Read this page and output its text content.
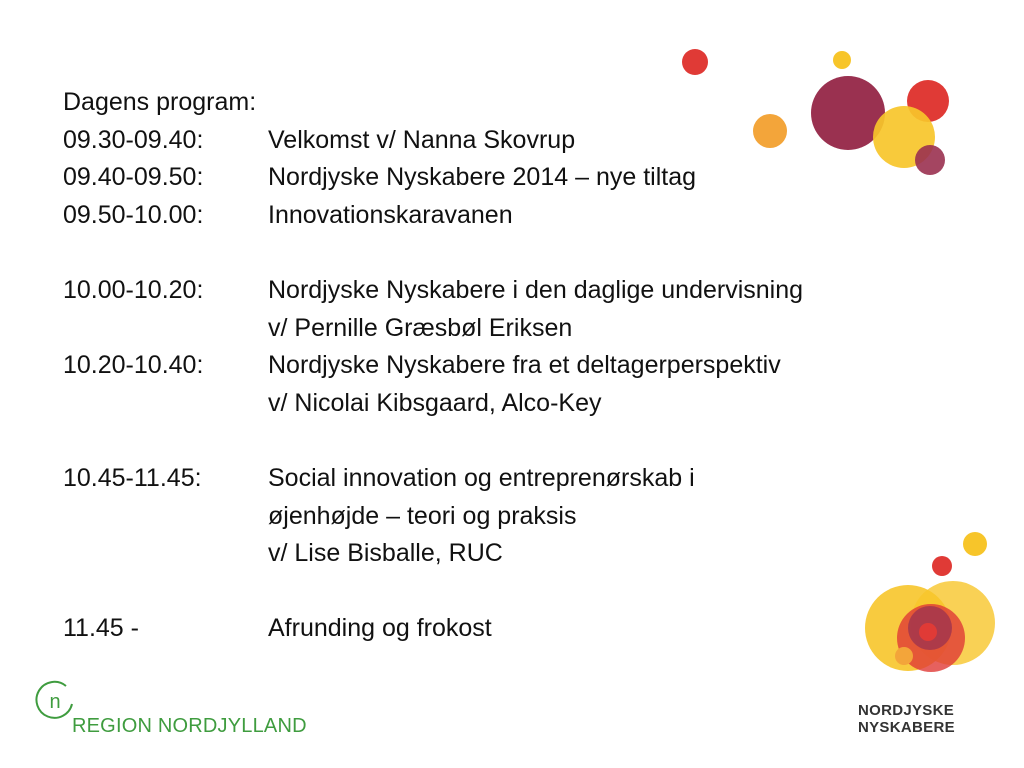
Dagens program:
09.30-09.40:	Velkomst v/ Nanna Skovrup
09.40-09.50:	Nordjyske Nyskabere 2014 – nye tiltag
09.50-10.00:	Innovationskaravanen
10.00-10.20:	Nordjyske Nyskabere i den daglige undervisning
v/ Pernille Græsbøl Eriksen
10.20-10.40:	Nordjyske Nyskabere fra et deltagerperspektiv
v/ Nicolai Kibsgaard, Alco-Key
10.45-11.45:	Social innovation og entreprenørskab i
øjenhøjde – teori og praksis
v/ Lise Bisballe, RUC
11.45 -	Afrunding og frokost
n
REGION NORDJYLLAND
NORDJYSKE
NYSKABERE
